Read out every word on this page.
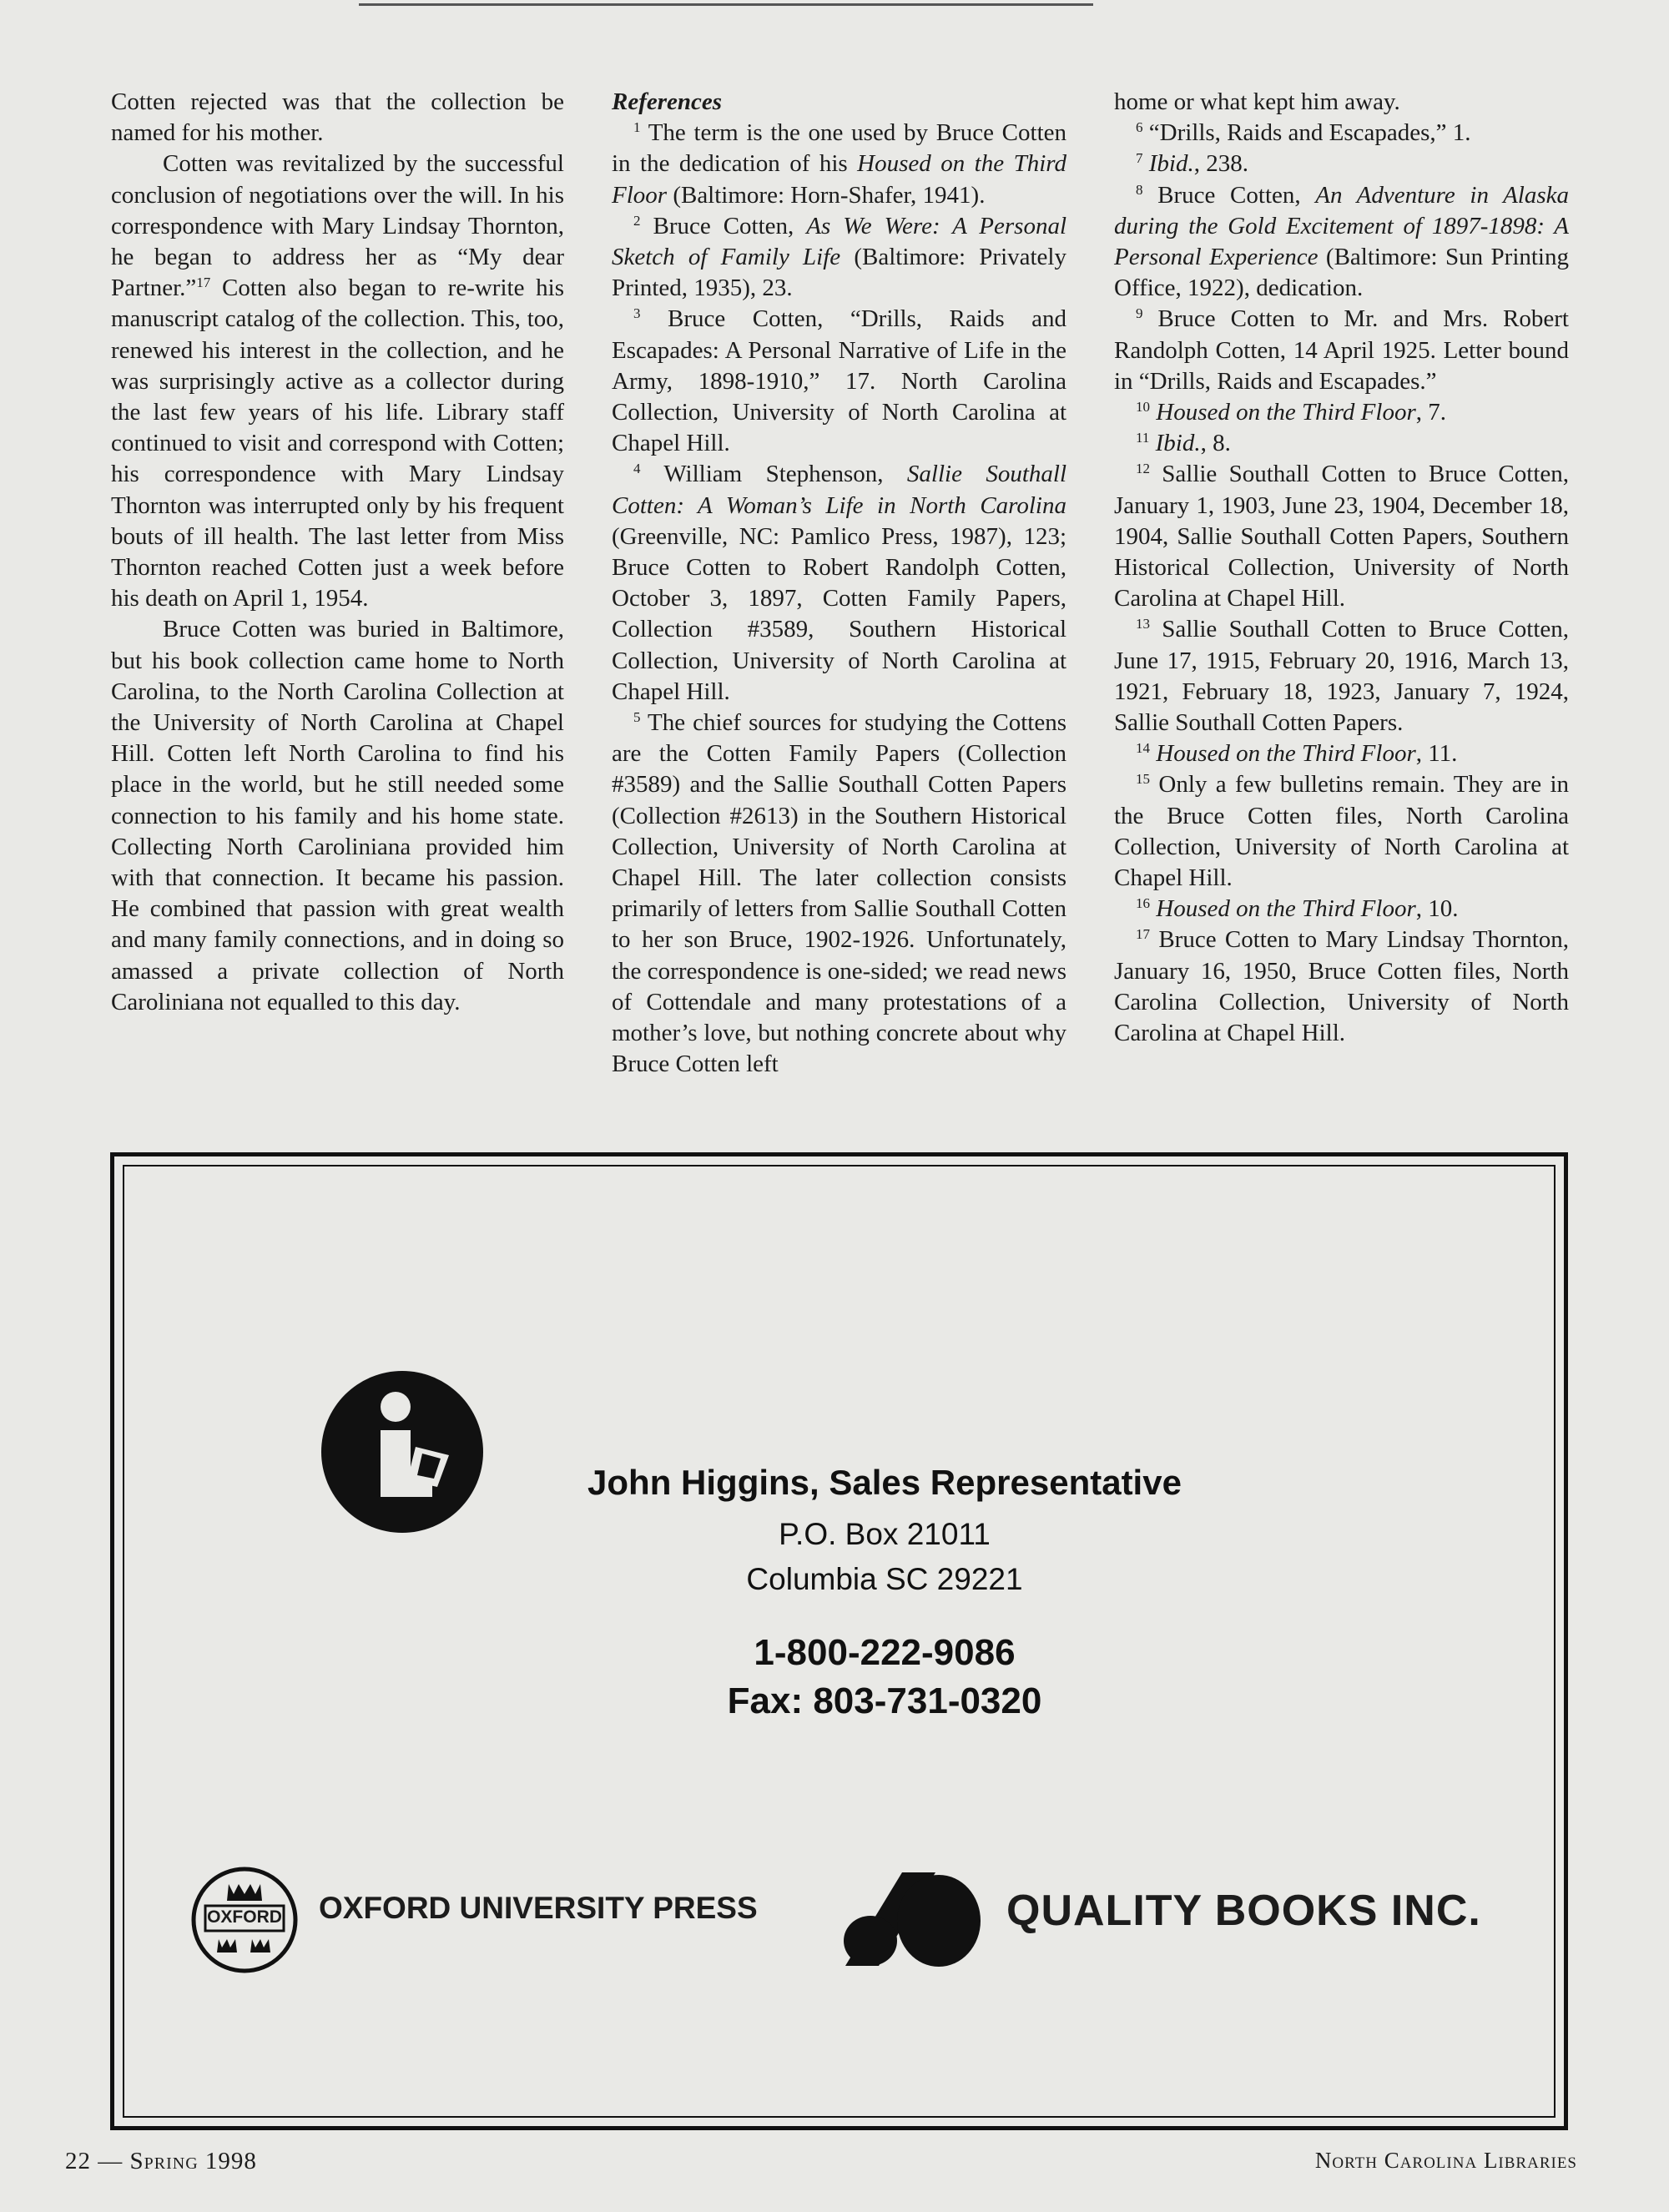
Cotten rejected was that the collection be named for his mother.

Cotten was revitalized by the successful conclusion of negotiations over the will. In his correspondence with Mary Lindsay Thornton, he began to address her as “My dear Partner.”$^{17}$ Cotten also began to re-write his manuscript catalog of the collection. This, too, renewed his interest in the collection, and he was surprisingly active as a collector during the last few years of his life. Library staff continued to visit and correspond with Cotten; his correspondence with Mary Lindsay Thornton was interrupted only by his frequent bouts of ill health. The last letter from Miss Thornton reached Cotten just a week before his death on April 1, 1954.

Bruce Cotten was buried in Baltimore, but his book collection came home to North Carolina, to the North Carolina Collection at the University of North Carolina at Chapel Hill. Cotten left North Carolina to find his place in the world, but he still needed some connection to his family and his home state. Collecting North Caroliniana provided him with that connection. It became his passion. He combined that passion with great wealth and many family connections, and in doing so amassed a private collection of North Caroliniana not equalled to this day.

References

$^1$ The term is the one used by Bruce Cotten in the dedication of his Housed on the Third Floor (Baltimore: Horn-Shafer, 1941).

$^2$ Bruce Cotten, As We Were: A Personal Sketch of Family Life (Baltimore: Privately Printed, 1935), 23.

$^3$ Bruce Cotten, “Drills, Raids and Escapades: A Personal Narrative of Life in the Army, 1898-1910,” 17. North Carolina Collection, University of North Carolina at Chapel Hill.

$^4$ William Stephenson, Sallie Southall Cotten: A Woman’s Life in North Carolina (Greenville, NC: Pamlico Press, 1987), 123; Bruce Cotten to Robert Randolph Cotten, October 3, 1897, Cotten Family Papers, Collection #3589, Southern Historical Collection, University of North Carolina at Chapel Hill.

$^5$ The chief sources for studying the Cottens are the Cotten Family Papers (Collection #3589) and the Sallie Southall Cotten Papers (Collection #2613) in the Southern Historical Collection, University of North Carolina at Chapel Hill. The later collection consists primarily of letters from Sallie Southall Cotten to her son Bruce, 1902-1926. Unfortunately, the correspondence is one-sided; we read news of Cottendale and many protestations of a mother’s love, but nothing concrete about why Bruce Cotten left

home or what kept him away.

$^6$ “Drills, Raids and Escapades,” 1.

$^7$ Ibid., 238.

$^8$ Bruce Cotten, An Adventure in Alaska during the Gold Excitement of 1897-1898: A Personal Experience (Baltimore: Sun Printing Office, 1922), dedication.

$^9$ Bruce Cotten to Mr. and Mrs. Robert Randolph Cotten, 14 April 1925. Letter bound in “Drills, Raids and Escapades.”

$^{10}$ Housed on the Third Floor, 7.

$^{11}$ Ibid., 8.

$^{12}$ Sallie Southall Cotten to Bruce Cotten, January 1, 1903, June 23, 1904, December 18, 1904, Sallie Southall Cotten Papers, Southern Historical Collection, University of North Carolina at Chapel Hill.

$^{13}$ Sallie Southall Cotten to Bruce Cotten, June 17, 1915, February 20, 1916, March 13, 1921, February 18, 1923, January 7, 1924, Sallie Southall Cotten Papers.

$^{14}$ Housed on the Third Floor, 11.

$^{15}$ Only a few bulletins remain. They are in the Bruce Cotten files, North Carolina Collection, University of North Carolina at Chapel Hill.

$^{16}$ Housed on the Third Floor, 10.

$^{17}$ Bruce Cotten to Mary Lindsay Thornton, January 16, 1950, Bruce Cotten files, North Carolina Collection, University of North Carolina at Chapel Hill.

John Higgins, Sales Representative
P.O. Box 21011
Columbia SC 29221
1-800-222-9086
Fax: 803-731-0320
OXFORD	OXFORD UNIVERSITY PRESS	QUALITY BOOKS INC.
22 — Spring 1998	North Carolina Libraries
